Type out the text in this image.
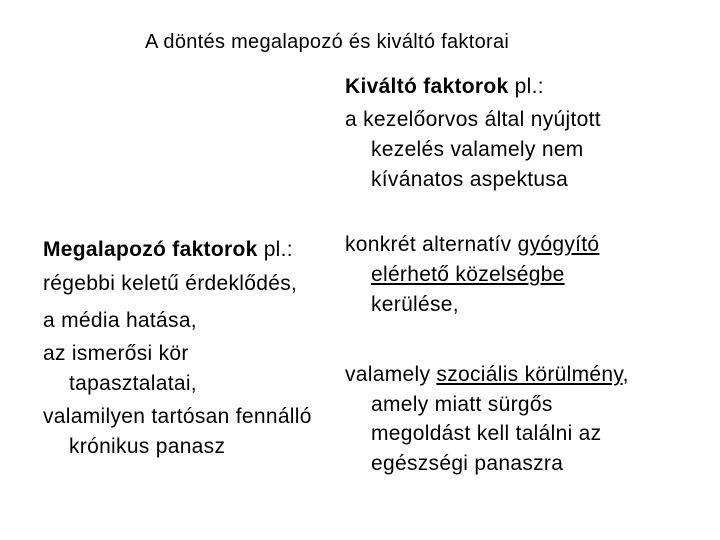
A döntés megalapozó és kiváltó faktorai
Kiváltó faktorok pl.:
a kezelőorvos által nyújtott
kezelés valamely nem
kívánatos aspektusa
Megalapozó faktorok pl.:
régebbi keletű érdeklődés,
a média hatása,
az ismerősi kör
tapasztalatai,
valamilyen tartósan fennálló
krónikus panasz
konkrét alternatív gyógyító
elérhető közelségbe
kerülése,
valamely szociális körülmény,
amely miatt sürgős
megoldást kell találni az
egészségi panaszra
